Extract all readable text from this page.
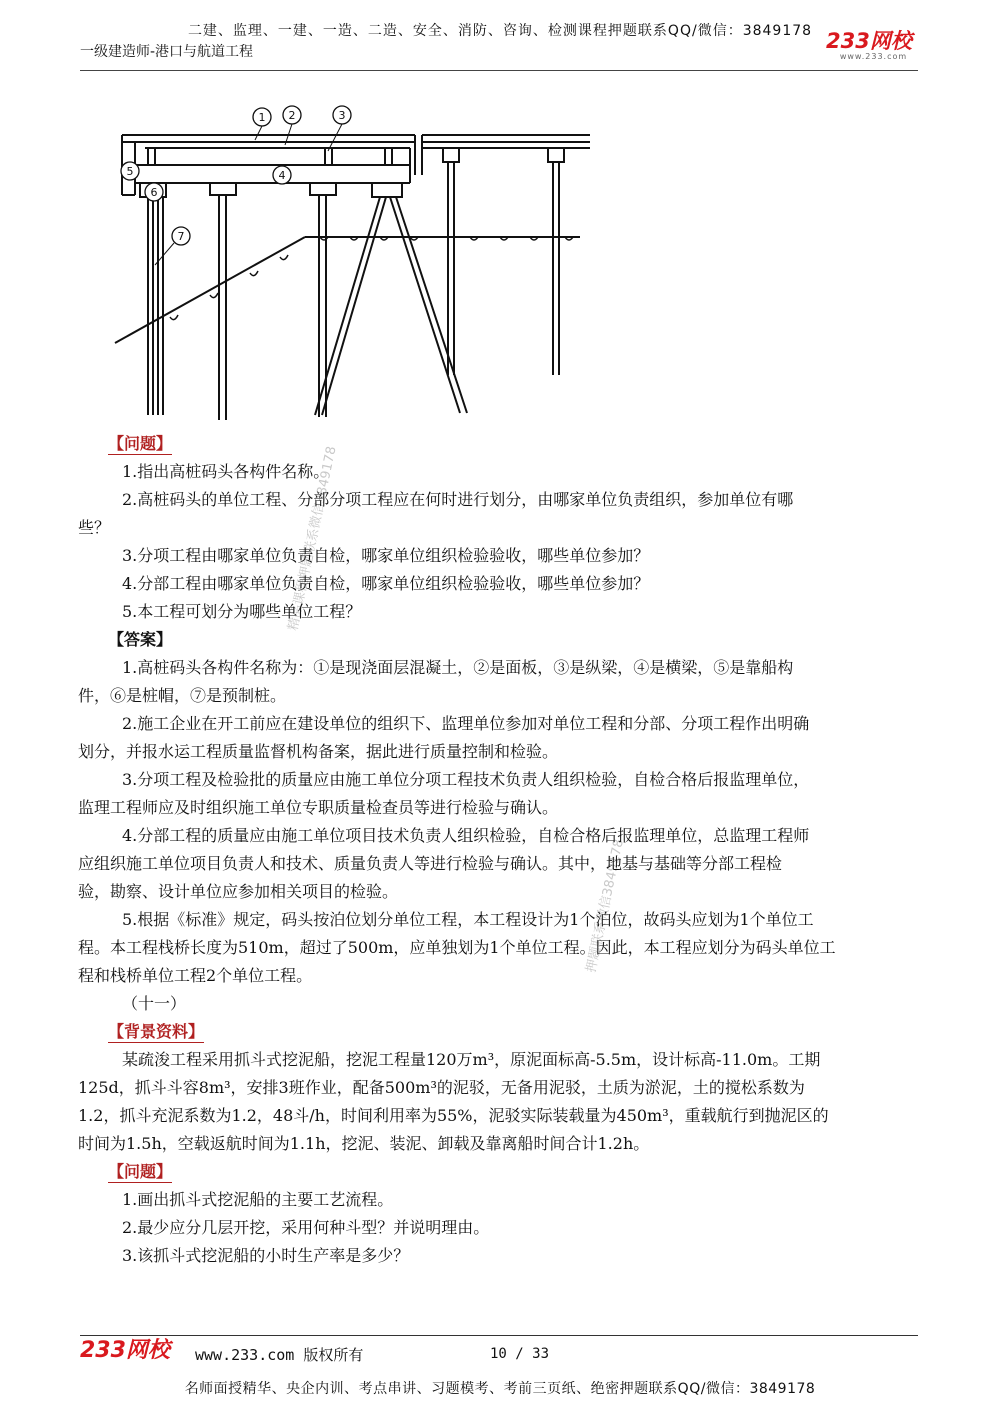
二建、监理、一建、一造、二造、安全、消防、咨询、检测课程押题联系QQ/微信：3849178
一级建造师-港口与航道工程	233网校
www.233.com
1 2	3
4
5
6
7
精品课程押题联系微信3849178
押题联系微信3849178

【问题】

1.指出高桩码头各构件名称。

2.高桩码头的单位工程、分部分项工程应在何时进行划分，由哪家单位负责组织，参加单位有哪

些？

3.分项工程由哪家单位负责自检，哪家单位组织检验验收，哪些单位参加？

4.分部工程由哪家单位负责自检，哪家单位组织检验验收，哪些单位参加？

5.本工程可划分为哪些单位工程？

【答案】

1.高桩码头各构件名称为：①是现浇面层混凝土，②是面板，③是纵梁，④是横梁，⑤是靠船构

件，⑥是桩帽，⑦是预制桩。

2.施工企业在开工前应在建设单位的组织下、监理单位参加对单位工程和分部、分项工程作出明确

划分，并报水运工程质量监督机构备案，据此进行质量控制和检验。

3.分项工程及检验批的质量应由施工单位分项工程技术负责人组织检验，自检合格后报监理单位，

监理工程师应及时组织施工单位专职质量检查员等进行检验与确认。

4.分部工程的质量应由施工单位项目技术负责人组织检验，自检合格后报监理单位，总监理工程师

应组织施工单位项目负责人和技术、质量负责人等进行检验与确认。其中，地基与基础等分部工程检

验，勘察、设计单位应参加相关项目的检验。

5.根据《标准》规定，码头按泊位划分单位工程，本工程设计为1个泊位，故码头应划为1个单位工

程。本工程栈桥长度为510m，超过了500m，应单独划为1个单位工程。因此，本工程应划分为码头单位工

程和栈桥单位工程2个单位工程。

（十一）

【背景资料】

某疏浚工程采用抓斗式挖泥船，挖泥工程量120万m³，原泥面标高-5.5m，设计标高-11.0m。工期

125d，抓斗斗容8m³，安排3班作业，配备500m³的泥驳，无备用泥驳，土质为淤泥，土的搅松系数为

1.2，抓斗充泥系数为1.2，48斗/h，时间利用率为55%，泥驳实际装载量为450m³，重载航行到抛泥区的

时间为1.5h，空载返航时间为1.1h，挖泥、装泥、卸载及靠离船时间合计1.2h。

【问题】

1.画出抓斗式挖泥船的主要工艺流程。

2.最少应分几层开挖，采用何种斗型？并说明理由。

3.该抓斗式挖泥船的小时生产率是多少？

233网校 www.233.com 版权所有	10 / 33
名师面授精华、央企内训、考点串讲、习题模考、考前三页纸、绝密押题联系QQ/微信：3849178
